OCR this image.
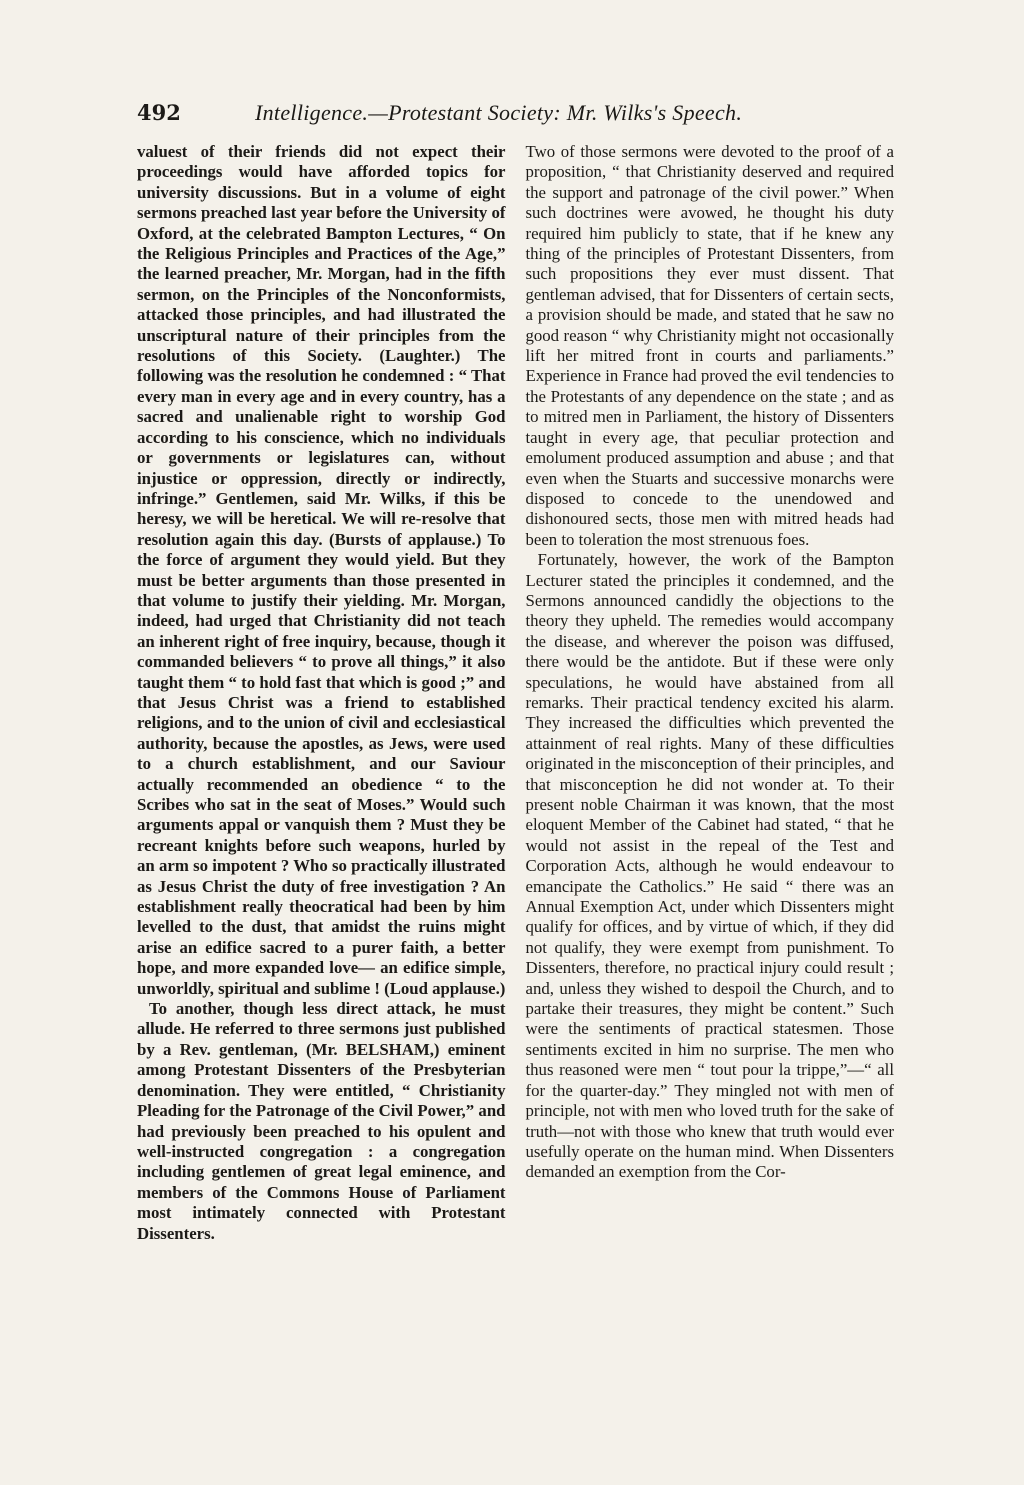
492	Intelligence.—Protestant Society: Mr. Wilks's Speech.

valuest of their friends did not expect their proceedings would have afforded topics for university discussions. But in a volume of eight sermons preached last year before the University of Oxford, at the celebrated Bampton Lectures, “ On the Religious Principles and Practices of the Age,” the learned preacher, Mr. Morgan, had in the fifth sermon, on the Principles of the Nonconformists, attacked those principles, and had illustrated the unscriptural nature of their principles from the resolutions of this Society. (Laughter.) The following was the resolution he condemned : “ That every man in every age and in every country, has a sacred and unalienable right to worship God according to his conscience, which no individuals or governments or legislatures can, without injustice or oppression, directly or indirectly, infringe.” Gentlemen, said Mr. Wilks, if this be heresy, we will be heretical. We will re-resolve that resolution again this day. (Bursts of applause.) To the force of argument they would yield. But they must be better arguments than those presented in that volume to justify their yielding. Mr. Morgan, indeed, had urged that Christianity did not teach an inherent right of free inquiry, because, though it commanded believers “ to prove all things,” it also taught them “ to hold fast that which is good ;” and that Jesus Christ was a friend to established religions, and to the union of civil and ecclesiastical authority, because the apostles, as Jews, were used to a church establishment, and our Saviour actually recommended an obedience “ to the Scribes who sat in the seat of Moses.” Would such arguments appal or vanquish them ? Must they be recreant knights before such weapons, hurled by an arm so impotent ? Who so practically illustrated as Jesus Christ the duty of free investigation ? An establishment really theocratical had been by him levelled to the dust, that amidst the ruins might arise an edifice sacred to a purer faith, a better hope, and more expanded love— an edifice simple, unworldly, spiritual and sublime ! (Loud applause.)

To another, though less direct attack, he must allude. He referred to three sermons just published by a Rev. gentleman, (Mr. BELSHAM,) eminent among Protestant Dissenters of the Presbyterian denomination. They were entitled, “ Christianity Pleading for the Patronage of the Civil Power,” and had previously been preached to his opulent and well-instructed congregation : a congregation including gentlemen of great legal eminence, and members of the Commons House of Parliament most intimately connected with Protestant Dissenters.

Two of those sermons were devoted to the proof of a proposition, “ that Christianity deserved and required the support and patronage of the civil power.” When such doctrines were avowed, he thought his duty required him publicly to state, that if he knew any thing of the principles of Protestant Dissenters, from such propositions they ever must dissent. That gentleman advised, that for Dissenters of certain sects, a provision should be made, and stated that he saw no good reason “ why Christianity might not occasionally lift her mitred front in courts and parliaments.” Experience in France had proved the evil tendencies to the Protestants of any dependence on the state ; and as to mitred men in Parliament, the history of Dissenters taught in every age, that peculiar protection and emolument produced assumption and abuse ; and that even when the Stuarts and successive monarchs were disposed to concede to the unendowed and dishonoured sects, those men with mitred heads had been to toleration the most strenuous foes.

Fortunately, however, the work of the Bampton Lecturer stated the principles it condemned, and the Sermons announced candidly the objections to the theory they upheld. The remedies would accompany the disease, and wherever the poison was diffused, there would be the antidote. But if these were only speculations, he would have abstained from all remarks. Their practical tendency excited his alarm. They increased the difficulties which prevented the attainment of real rights. Many of these difficulties originated in the misconception of their principles, and that misconception he did not wonder at. To their present noble Chairman it was known, that the most eloquent Member of the Cabinet had stated, “ that he would not assist in the repeal of the Test and Corporation Acts, although he would endeavour to emancipate the Catholics.” He said “ there was an Annual Exemption Act, under which Dissenters might qualify for offices, and by virtue of which, if they did not qualify, they were exempt from punishment. To Dissenters, therefore, no practical injury could result ; and, unless they wished to despoil the Church, and to partake their treasures, they might be content.” Such were the sentiments of practical statesmen. Those sentiments excited in him no surprise. The men who thus reasoned were men “ tout pour la trippe,”—“ all for the quarter-day.” They mingled not with men of principle, not with men who loved truth for the sake of truth—not with those who knew that truth would ever usefully operate on the human mind. When Dissenters demanded an exemption from the Cor-
